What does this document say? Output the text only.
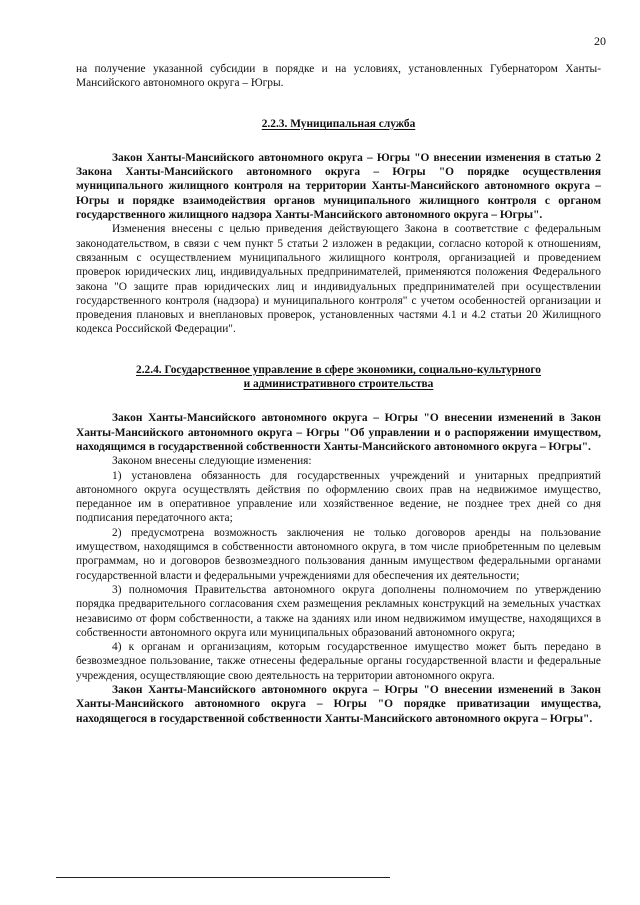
20

на получение указанной субсидии в порядке и на условиях, установленных Губернатором Ханты-Мансийского автономного округа – Югры.

2.2.3. Муниципальная служба

Закон Ханты-Мансийского автономного округа – Югры "О внесении изменения в статью 2 Закона Ханты-Мансийского автономного округа – Югры "О порядке осуществления муниципального жилищного контроля на территории Ханты-Мансийского автономного округа – Югры и порядке взаимодействия органов муниципального жилищного контроля с органом государственного жилищного надзора Ханты-Мансийского автономного округа – Югры".

Изменения внесены с целью приведения действующего Закона в соответствие с федеральным законодательством, в связи с чем пункт 5 статьи 2 изложен в редакции, согласно которой к отношениям, связанным с осуществлением муниципального жилищного контроля, организацией и проведением проверок юридических лиц, индивидуальных предпринимателей, применяются положения Федерального закона "О защите прав юридических лиц и индивидуальных предпринимателей при осуществлении государственного контроля (надзора) и муниципального контроля" с учетом особенностей организации и проведения плановых и внеплановых проверок, установленных частями 4.1 и 4.2 статьи 20 Жилищного кодекса Российской Федерации".

2.2.4. Государственное управление в сфере экономики, социально-культурного

и административного строительства

Закон Ханты-Мансийского автономного округа – Югры "О внесении изменений в Закон Ханты-Мансийского автономного округа – Югры "Об управлении и о распоряжении имуществом, находящимся в государственной собственности Ханты-Мансийского автономного округа – Югры".

Законом внесены следующие изменения:

1) установлена обязанность для государственных учреждений и унитарных предприятий автономного округа осуществлять действия по оформлению своих прав на недвижимое имущество, переданное им в оперативное управление или хозяйственное ведение, не позднее трех дней со дня подписания передаточного акта;

2) предусмотрена возможность заключения не только договоров аренды на пользование имуществом, находящимся в собственности автономного округа, в том числе приобретенным по целевым программам, но и договоров безвозмездного пользования данным имуществом федеральными органами государственной власти и федеральными учреждениями для обеспечения их деятельности;

3) полномочия Правительства автономного округа дополнены полномочием по утверждению порядка предварительного согласования схем размещения рекламных конструкций на земельных участках независимо от форм собственности, а также на зданиях или ином недвижимом имуществе, находящихся в собственности автономного округа или муниципальных образований автономного округа;

4) к органам и организациям, которым государственное имущество может быть передано в безвозмездное пользование, также отнесены федеральные органы государственной власти и федеральные учреждения, осуществляющие свою деятельность на территории автономного округа.

Закон Ханты-Мансийского автономного округа – Югры "О внесении изменений в Закон Ханты-Мансийского автономного округа – Югры "О порядке приватизации имущества, находящегося в государственной собственности Ханты-Мансийского автономного округа – Югры".
